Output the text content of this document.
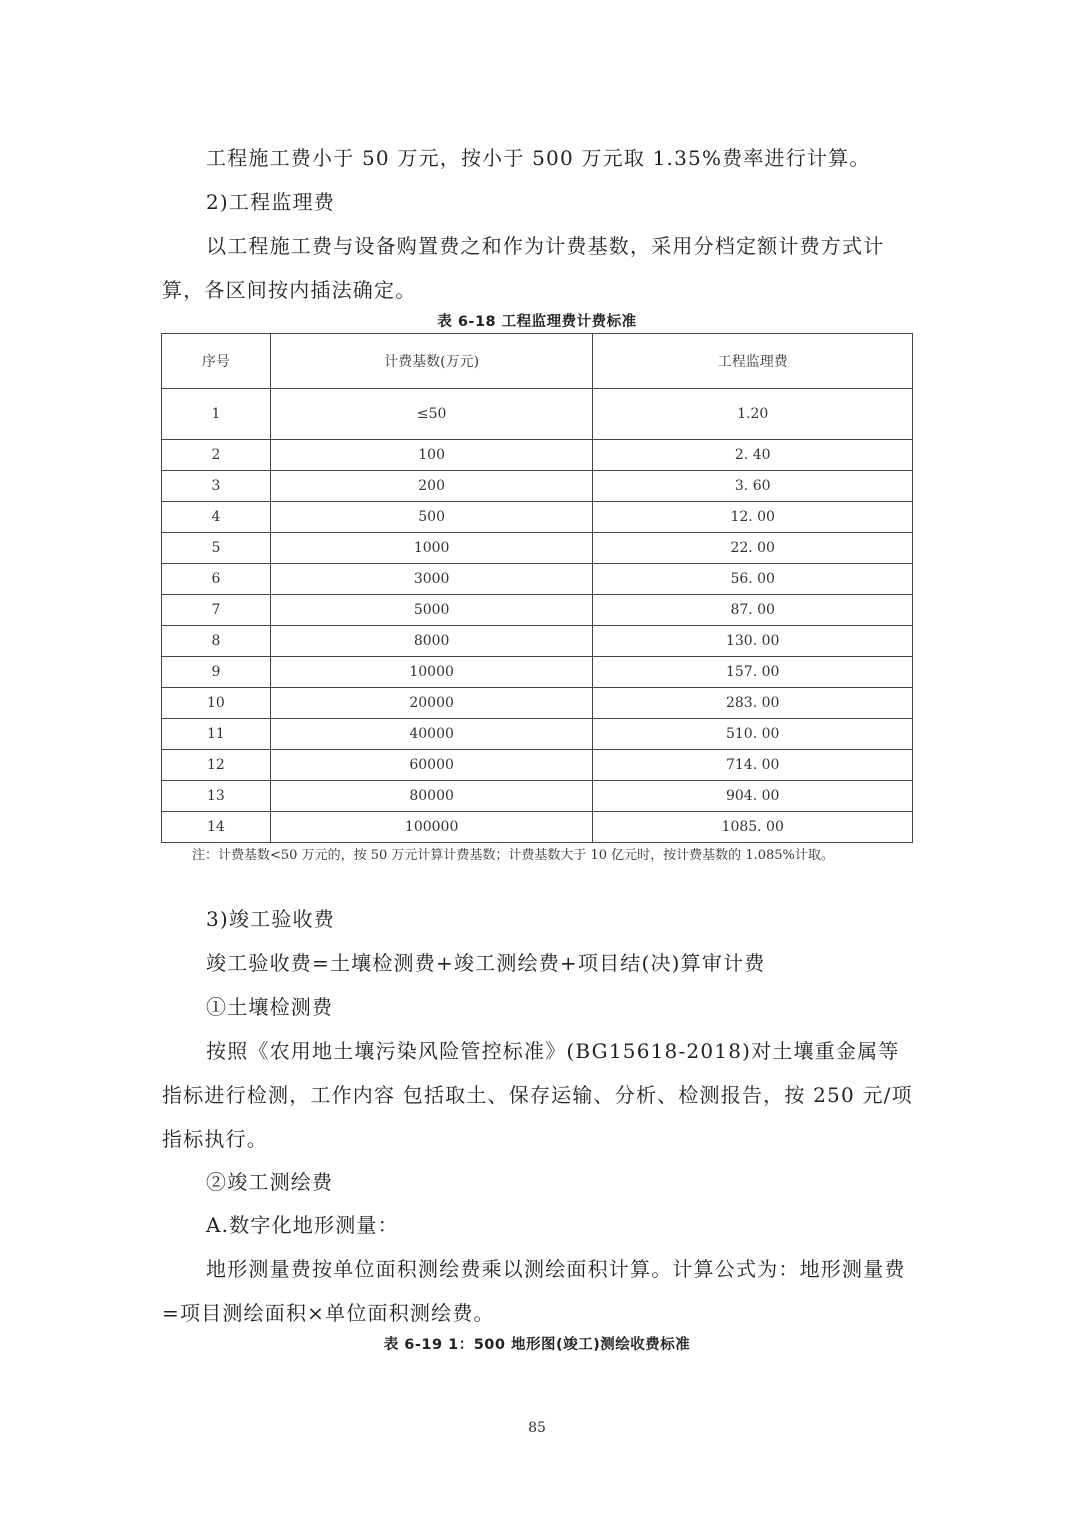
工程施工费小于 50 万元，按小于 500 万元取 1.35%费率进行计算。

2)工程监理费

以工程施工费与设备购置费之和作为计费基数，采用分档定额计费方式计算，各区间按内插法确定。

表 6-18 工程监理费计费标准
序号	计费基数(万元)	工程监理费
1	≤50	1.20
2	100	2. 40
3	200	3. 60
4	500	12. 00
5	1000	22. 00
6	3000	56. 00
7	5000	87. 00
8	8000	130. 00
9	10000	157. 00
10	20000	283. 00
11	40000	510. 00
12	60000	714. 00
13	80000	904. 00
14	100000	1085. 00

注：计费基数<50 万元的，按 50 万元计算计费基数；计费基数大于 10 亿元时，按计费基数的 1.085%计取。

3)竣工验收费

竣工验收费=土壤检测费+竣工测绘费+项目结(决)算审计费

①土壤检测费

按照《农用地土壤污染风险管控标准》(BG15618-2018)对土壤重金属等指标进行检测，工作内容 包括取土、保存运输、分析、检测报告，按 250 元/项指标执行。

②竣工测绘费

A.数字化地形测量：

地形测量费按单位面积测绘费乘以测绘面积计算。计算公式为：地形测量费=项目测绘面积×单位面积测绘费。

表 6-19 1：500 地形图(竣工)测绘收费标准
85
